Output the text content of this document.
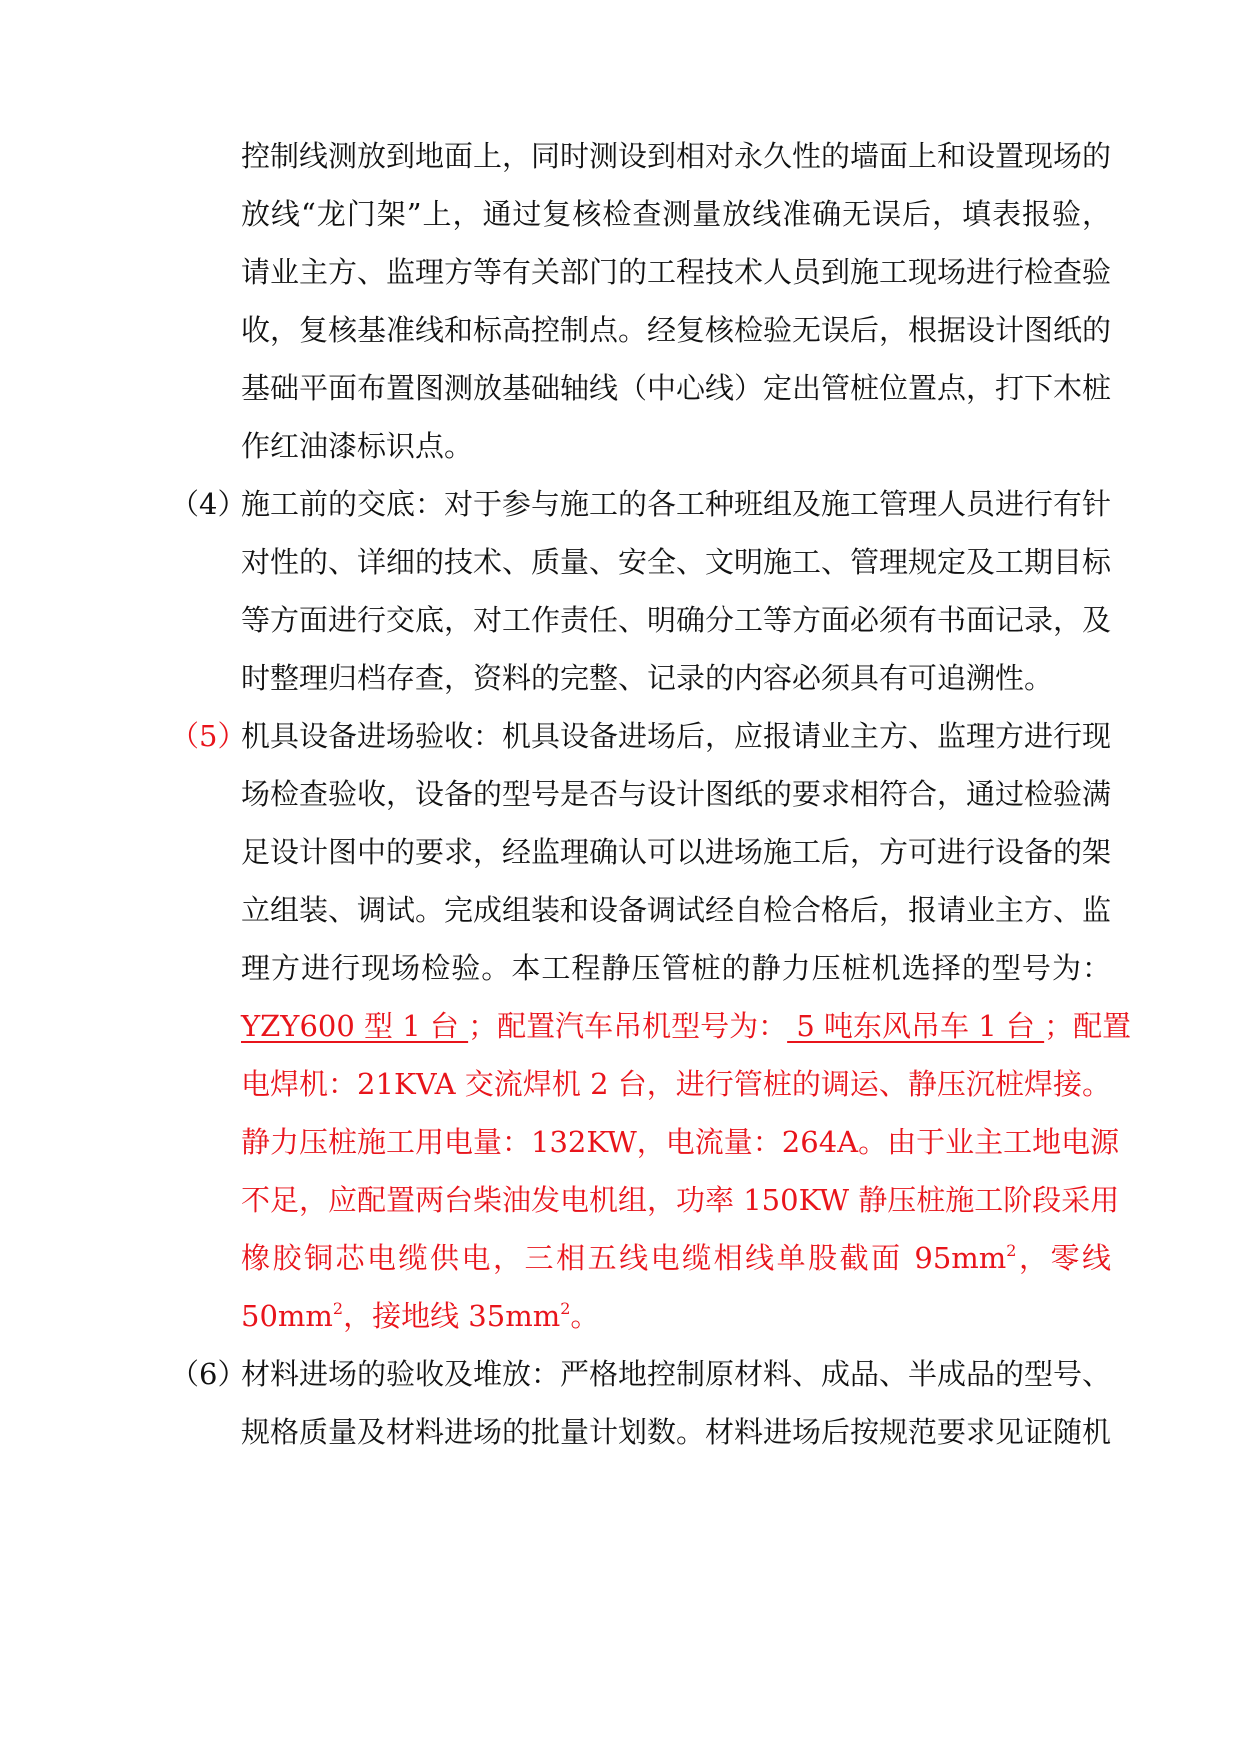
控制线测放到地面上，同时测设到相对永久性的墙面上和设置现场的
放线“龙门架”上，通过复核检查测量放线准确无误后，填表报验，
请业主方、监理方等有关部门的工程技术人员到施工现场进行检查验
收，复核基准线和标高控制点。经复核检验无误后，根据设计图纸的
基础平面布置图测放基础轴线（中心线）定出管桩位置点，打下木桩
作红油漆标识点。
（4）
施工前的交底：对于参与施工的各工种班组及施工管理人员进行有针
对性的、详细的技术、质量、安全、文明施工、管理规定及工期目标
等方面进行交底，对工作责任、明确分工等方面必须有书面记录，及
时整理归档存查，资料的完整、记录的内容必须具有可追溯性。
（5）
机具设备进场验收：机具设备进场后，应报请业主方、监理方进行现
场检查验收，设备的型号是否与设计图纸的要求相符合，通过检验满
足设计图中的要求，经监理确认可以进场施工后，方可进行设备的架
立组装、调试。完成组装和设备调试经自检合格后，报请业主方、监
理方进行现场检验。本工程静压管桩的静力压桩机选择的型号为：
YZY600 型 1 台 ；配置汽车吊机型号为： 5 吨东风吊车 1 台 ；配置
电焊机：21KVA 交流焊机 2 台，进行管桩的调运、静压沉桩焊接。
静力压桩施工用电量：132KW，电流量：264A。由于业主工地电源
不足，应配置两台柴油发电机组，功率 150KW 静压桩施工阶段采用
橡胶铜芯电缆供电，三相五线电缆相线单股截面 $95mm^2$，零线
$50mm^2$，接地线 $35mm^2$。
（6）
材料进场的验收及堆放：严格地控制原材料、成品、半成品的型号、
规格质量及材料进场的批量计划数。材料进场后按规范要求见证随机
